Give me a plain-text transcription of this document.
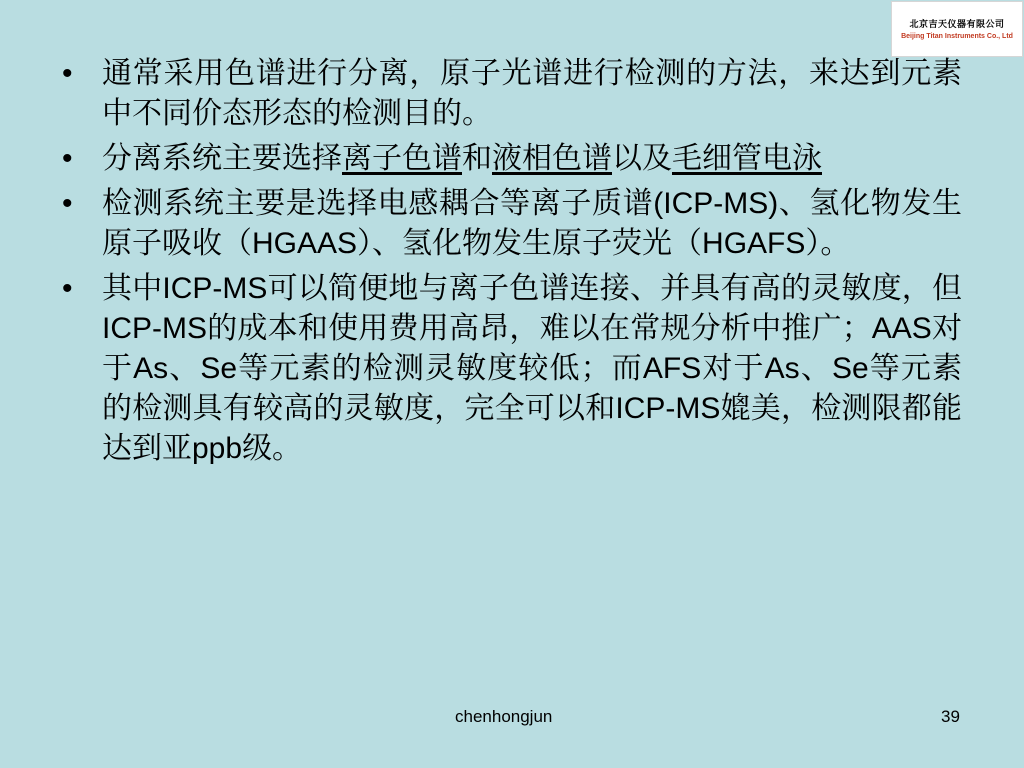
北京吉天仪器有限公司
Beijing Titan Instruments Co., Ltd
•
通常采用色谱进行分离，原子光谱进行检测的方法，来达到元素中不同价态形态的检测目的。
•
分离系统主要选择离子色谱和液相色谱以及毛细管电泳
•
检测系统主要是选择电感耦合等离子质谱(ICP-MS)、氢化物发生原子吸收（HGAAS）、氢化物发生原子荧光（HGAFS）。
•
其中ICP-MS可以简便地与离子色谱连接、并具有高的灵敏度，但ICP-MS的成本和使用费用高昂，难以在常规分析中推广；AAS对于As、Se等元素的检测灵敏度较低；而AFS对于As、Se等元素的检测具有较高的灵敏度，完全可以和ICP-MS媲美，检测限都能达到亚ppb级。
chenhongjun	39
